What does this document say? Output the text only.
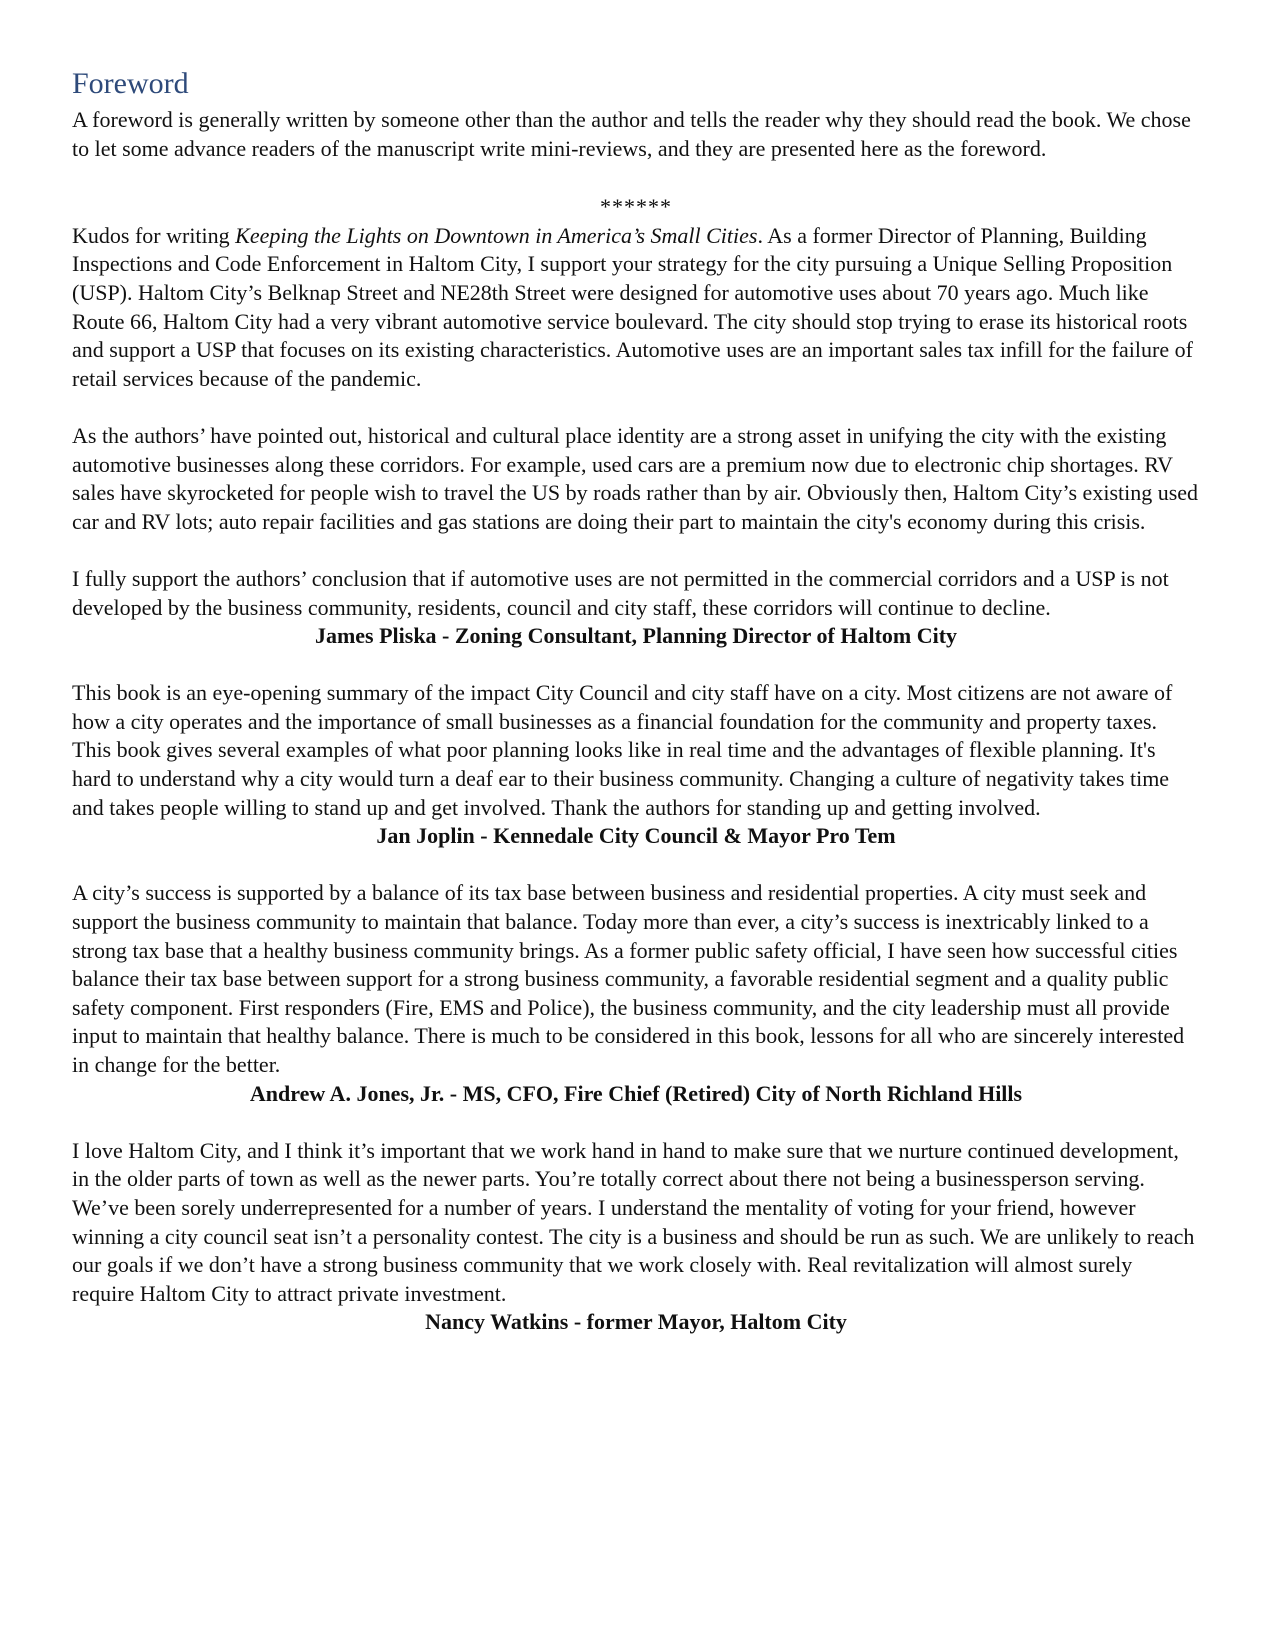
Foreword

A foreword is generally written by someone other than the author and tells the reader why they should read the book. We chose to let some advance readers of the manuscript write mini-reviews, and they are presented here as the foreword.

******

Kudos for writing Keeping the Lights on Downtown in America’s Small Cities. As a former Director of Planning, Building Inspections and Code Enforcement in Haltom City, I support your strategy for the city pursuing a Unique Selling Proposition (USP). Haltom City’s Belknap Street and NE28th Street were designed for automotive uses about 70 years ago. Much like Route 66, Haltom City had a very vibrant automotive service boulevard. The city should stop trying to erase its historical roots and support a USP that focuses on its existing characteristics. Automotive uses are an important sales tax infill for the failure of retail services because of the pandemic.

As the authors’ have pointed out, historical and cultural place identity are a strong asset in unifying the city with the existing automotive businesses along these corridors. For example, used cars are a premium now due to electronic chip shortages. RV sales have skyrocketed for people wish to travel the US by roads rather than by air. Obviously then, Haltom City’s existing used car and RV lots; auto repair facilities and gas stations are doing their part to maintain the city's economy during this crisis.

I fully support the authors’ conclusion that if automotive uses are not permitted in the commercial corridors and a USP is not developed by the business community, residents, council and city staff, these corridors will continue to decline.

James Pliska - Zoning Consultant, Planning Director of Haltom City

This book is an eye-opening summary of the impact City Council and city staff have on a city. Most citizens are not aware of how a city operates and the importance of small businesses as a financial foundation for the community and property taxes. This book gives several examples of what poor planning looks like in real time and the advantages of flexible planning. It's hard to understand why a city would turn a deaf ear to their business community. Changing a culture of negativity takes time and takes people willing to stand up and get involved. Thank the authors for standing up and getting involved.

Jan Joplin - Kennedale City Council & Mayor Pro Tem

A city’s success is supported by a balance of its tax base between business and residential properties. A city must seek and support the business community to maintain that balance. Today more than ever, a city’s success is inextricably linked to a strong tax base that a healthy business community brings. As a former public safety official, I have seen how successful cities balance their tax base between support for a strong business community, a favorable residential segment and a quality public safety component. First responders (Fire, EMS and Police), the business community, and the city leadership must all provide input to maintain that healthy balance. There is much to be considered in this book, lessons for all who are sincerely interested in change for the better.

Andrew A. Jones, Jr. - MS, CFO, Fire Chief (Retired) City of North Richland Hills

I love Haltom City, and I think it’s important that we work hand in hand to make sure that we nurture continued development, in the older parts of town as well as the newer parts. You’re totally correct about there not being a businessperson serving. We’ve been sorely underrepresented for a number of years. I understand the mentality of voting for your friend, however winning a city council seat isn’t a personality contest. The city is a business and should be run as such. We are unlikely to reach our goals if we don’t have a strong business community that we work closely with. Real revitalization will almost surely require Haltom City to attract private investment.

Nancy Watkins - former Mayor, Haltom City
